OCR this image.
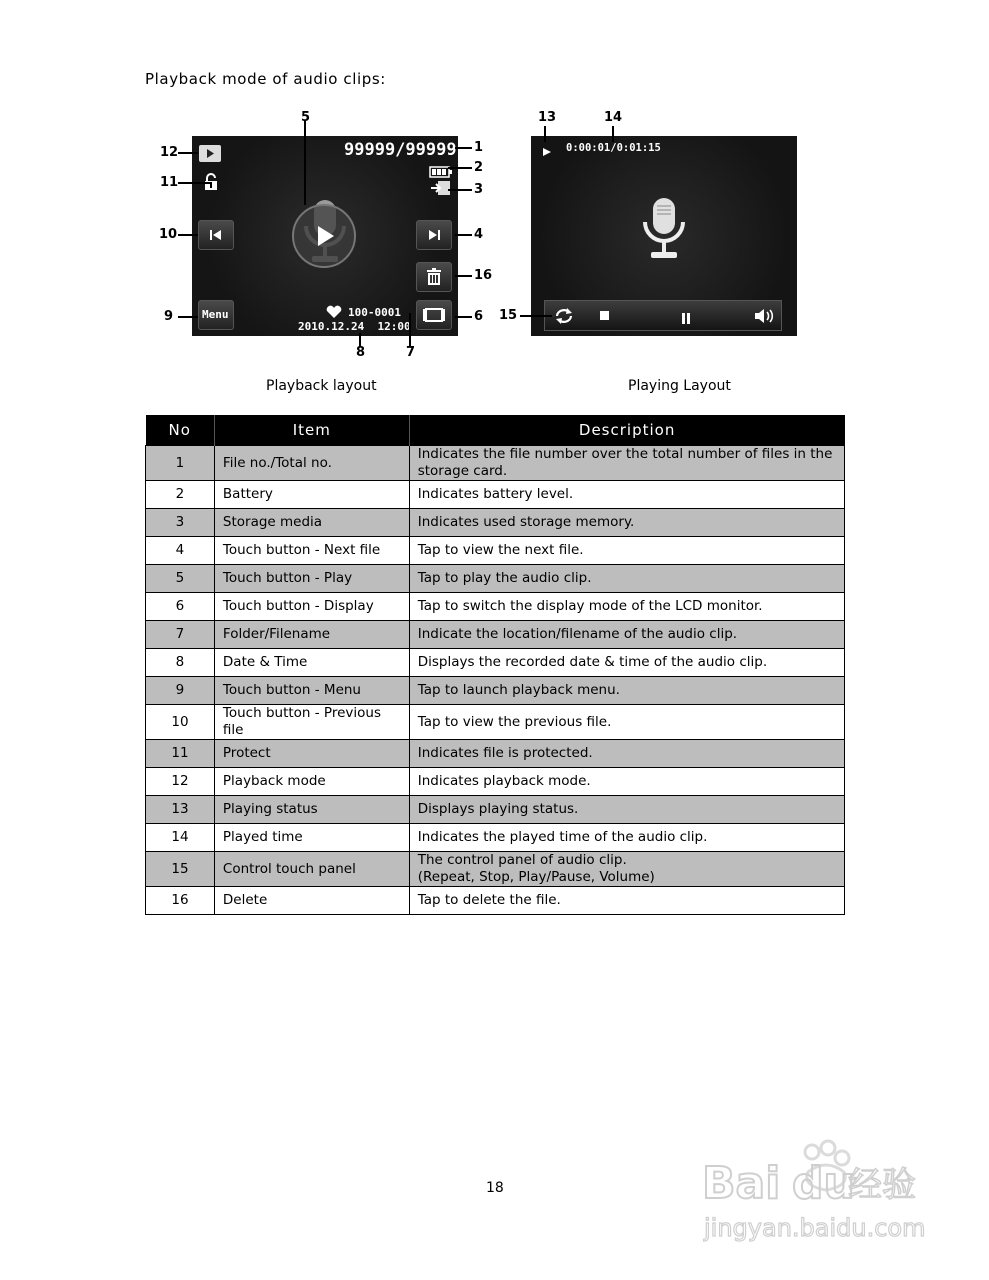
Playback mode of audio clips:
99999/99999
Menu	100-0001
2010.12.24  12:00
1
2
3
4
5
6
7
8
9
10
11
12
16
Playback layout
0:00:01/0:01:15
13	14
15
Playing Layout
No	Item	Description
1	File no./Total no.	Indicates the file number over the total number of files in the storage card.
2	Battery	Indicates battery level.
3	Storage media	Indicates used storage memory.
4	Touch button - Next file	Tap to view the next file.
5	Touch button - Play	Tap to play the audio clip.
6	Touch button - Display	Tap to switch the display mode of the LCD monitor.
7	Folder/Filename	Indicate the location/filename of the audio clip.
8	Date & Time	Displays the recorded date & time of the audio clip.
9	Touch button - Menu	Tap to launch playback menu.
10	Touch button - Previous file	Tap to view the previous file.
11	Protect	Indicates file is protected.
12	Playback mode	Indicates playback mode.
13	Playing status	Displays playing status.
14	Played time	Indicates the played time of the audio clip.
15	Control touch panel	The control panel of audio clip.
(Repeat, Stop, Play/Pause, Volume)
16	Delete	Tap to delete the file.
18	Bai du
经验
jingyan.baidu.com
